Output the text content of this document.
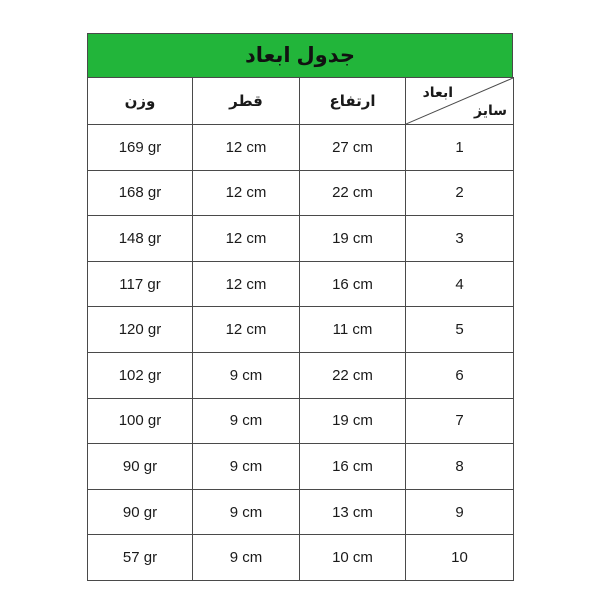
جدول ابعاد
وزن	قطر	ارتفاع	ابعاد
سایز

169 gr	12 cm	27 cm	1
168 gr	12 cm	22 cm	2
148 gr	12 cm	19 cm	3
117 gr	12 cm	16 cm	4
120 gr	12 cm	11 cm	5
102 gr	9 cm	22 cm	6
100 gr	9 cm	19 cm	7
90 gr	9 cm	16 cm	8
90 gr	9 cm	13 cm	9
57 gr	9 cm	10 cm	10
